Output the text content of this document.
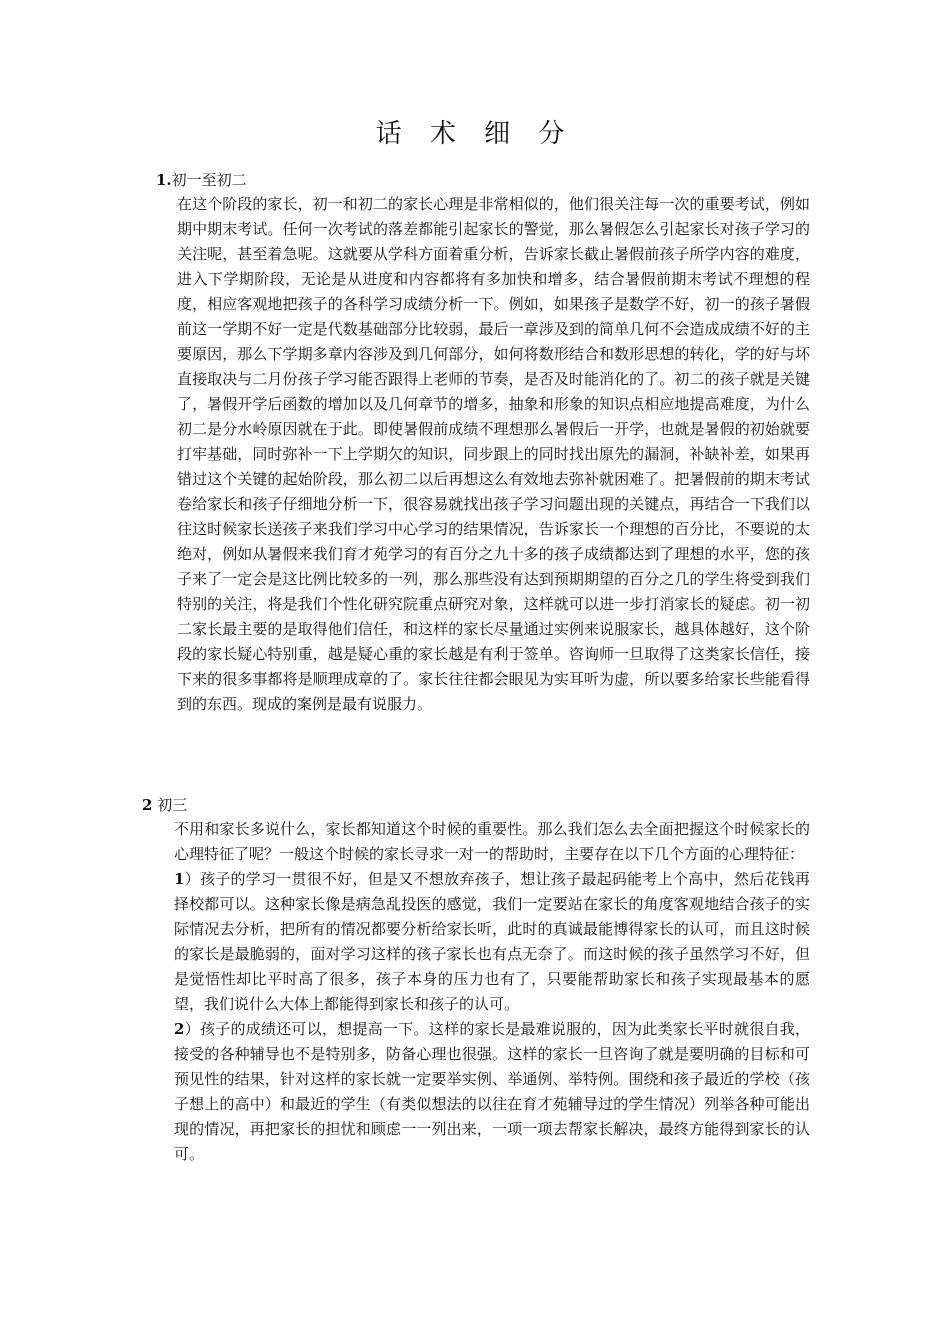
话 术 细 分
1.初一至初二

在这个阶段的家长，初一和初二的家长心理是非常相似的，他们很关注每一次的重要考试，例如期中期末考试。任何一次考试的落差都能引起家长的警觉，那么暑假怎么引起家长对孩子学习的关注呢，甚至着急呢。这就要从学科方面着重分析，告诉家长截止暑假前孩子所学内容的难度，进入下学期阶段，无论是从进度和内容都将有多加快和增多，结合暑假前期末考试不理想的程度，相应客观地把孩子的各科学习成绩分析一下。例如，如果孩子是数学不好，初一的孩子暑假前这一学期不好一定是代数基础部分比较弱，最后一章涉及到的简单几何不会造成成绩不好的主要原因，那么下学期多章内容涉及到几何部分，如何将数形结合和数形思想的转化，学的好与坏直接取决与二月份孩子学习能否跟得上老师的节奏，是否及时能消化的了。初二的孩子就是关键了，暑假开学后函数的增加以及几何章节的增多，抽象和形象的知识点相应地提高难度，为什么初二是分水岭原因就在于此。即使暑假前成绩不理想那么暑假后一开学，也就是暑假的初始就要打牢基础，同时弥补一下上学期欠的知识，同步跟上的同时找出原先的漏洞，补缺补差，如果再错过这个关键的起始阶段，那么初二以后再想这么有效地去弥补就困难了。把暑假前的期末考试卷给家长和孩子仔细地分析一下，很容易就找出孩子学习问题出现的关键点，再结合一下我们以往这时候家长送孩子来我们学习中心学习的结果情况，告诉家长一个理想的百分比，不要说的太绝对，例如从暑假来我们育才苑学习的有百分之九十多的孩子成绩都达到了理想的水平，您的孩子来了一定会是这比例比较多的一列，那么那些没有达到预期期望的百分之几的学生将受到我们特别的关注，将是我们个性化研究院重点研究对象，这样就可以进一步打消家长的疑虑。初一初二家长最主要的是取得他们信任，和这样的家长尽量通过实例来说服家长，越具体越好，这个阶段的家长疑心特别重，越是疑心重的家长越是有利于签单。咨询师一旦取得了这类家长信任，接下来的很多事都将是顺理成章的了。家长往往都会眼见为实耳听为虚，所以要多给家长些能看得到的东西。现成的案例是最有说服力。

2 初三

不用和家长多说什么，家长都知道这个时候的重要性。那么我们怎么去全面把握这个时候家长的心理特征了呢？一般这个时候的家长寻求一对一的帮助时，主要存在以下几个方面的心理特征：

1）孩子的学习一贯很不好，但是又不想放弃孩子，想让孩子最起码能考上个高中，然后花钱再择校都可以。这种家长像是病急乱投医的感觉，我们一定要站在家长的角度客观地结合孩子的实际情况去分析，把所有的情况都要分析给家长听，此时的真诚最能博得家长的认可，而且这时候的家长是最脆弱的，面对学习这样的孩子家长也有点无奈了。而这时候的孩子虽然学习不好，但是觉悟性却比平时高了很多，孩子本身的压力也有了，只要能帮助家长和孩子实现最基本的愿望，我们说什么大体上都能得到家长和孩子的认可。

2）孩子的成绩还可以，想提高一下。这样的家长是最难说服的，因为此类家长平时就很自我，接受的各种辅导也不是特别多，防备心理也很强。这样的家长一旦咨询了就是要明确的目标和可预见性的结果，针对这样的家长就一定要举实例、举通例、举特例。围绕和孩子最近的学校（孩子想上的高中）和最近的学生（有类似想法的以往在育才苑辅导过的学生情况）列举各种可能出现的情况，再把家长的担忧和顾虑一一列出来，一项一项去帮家长解决，最终方能得到家长的认可。
